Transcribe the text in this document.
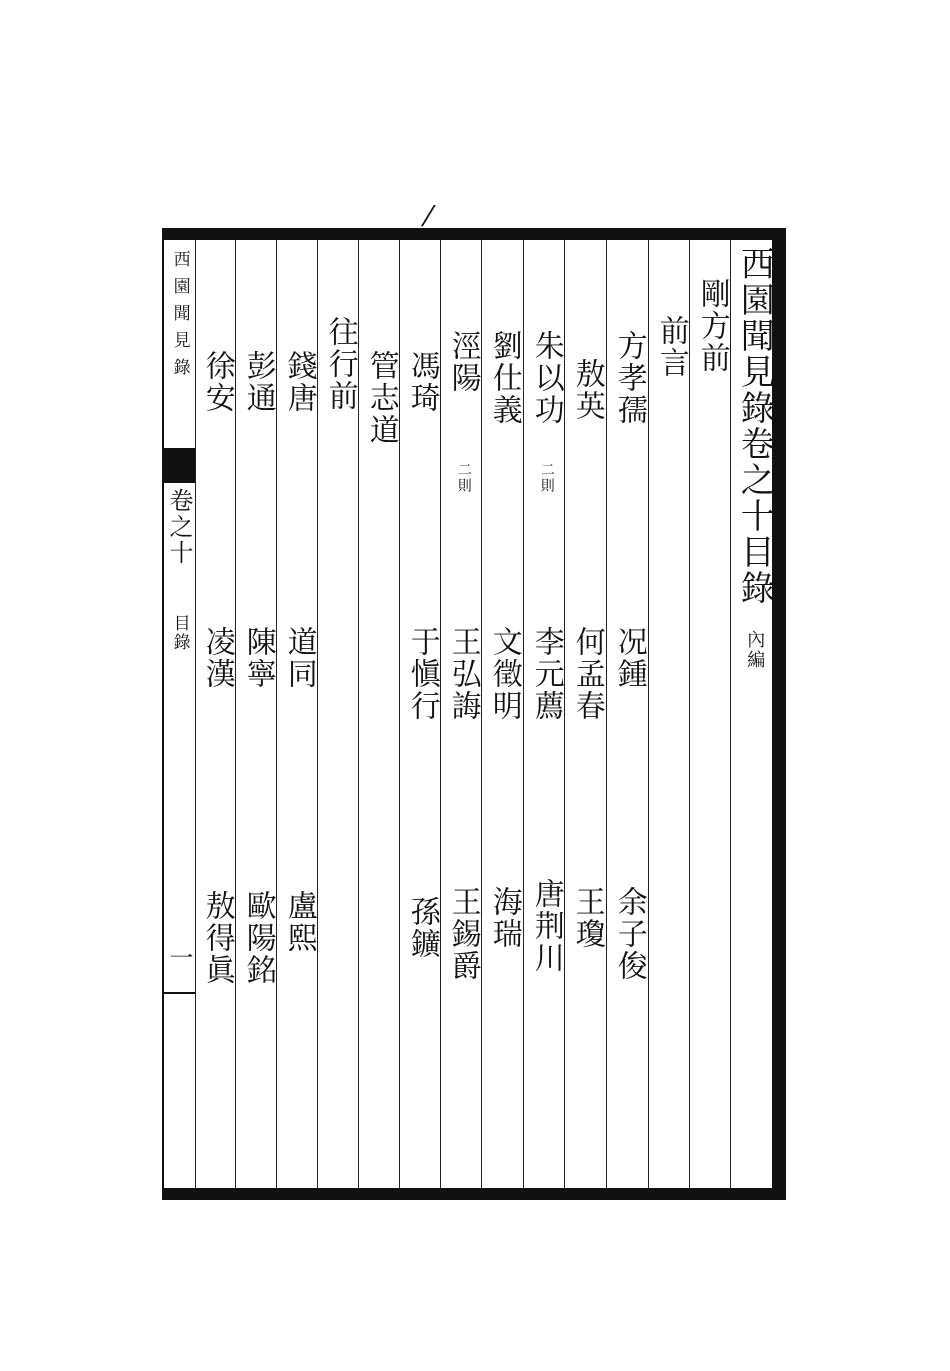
⁄
西園聞見錄卷之十目錄
內編
剛方前
前言
方孝孺
况鍾
余子俊
敖英
何孟春
王瓊
朱以功
二則
李元薦
唐荆川
劉仕義
文徵明
海瑞
涇陽
二則
王弘誨
王錫爵
馮琦
于愼行
孫鑛
管志道
往行前
錢唐
道同
盧熙
彭通
陳寧
歐陽銘
徐安
凌漢
敖得眞
西園聞見錄
卷之十
目錄
一
